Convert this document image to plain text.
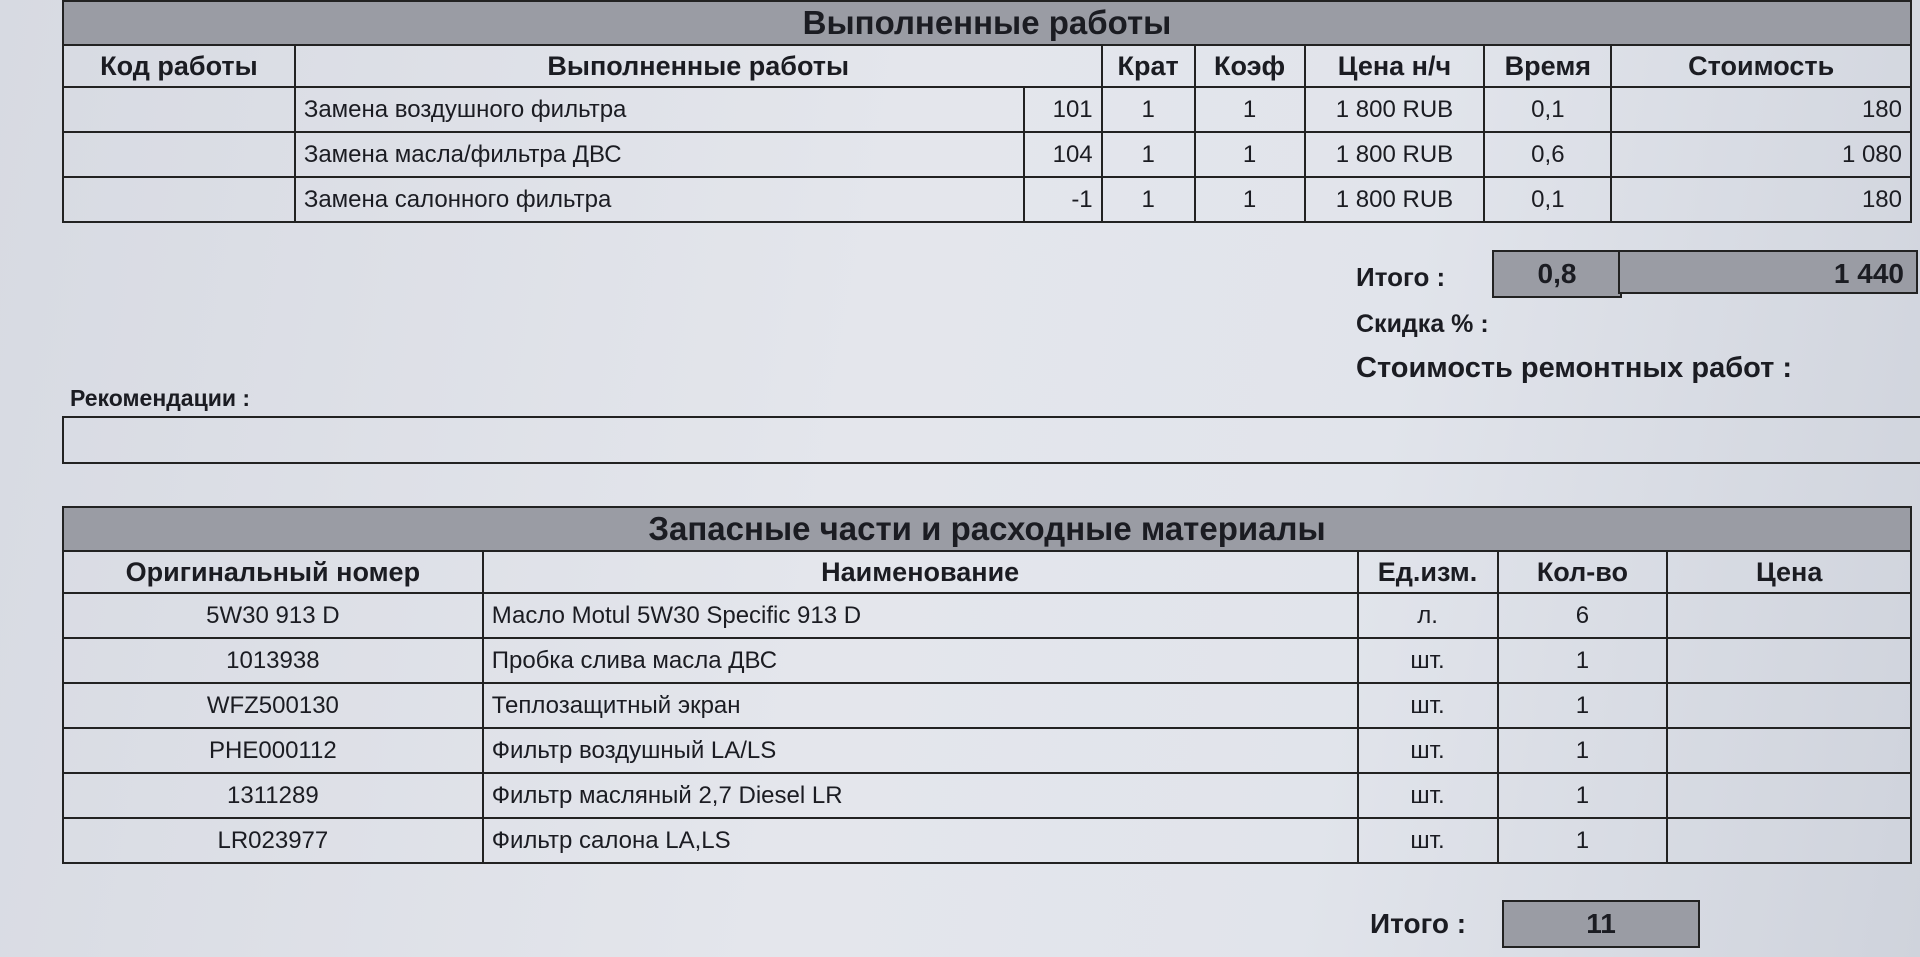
Выполненные работы							
Код работы	Выполненные работы		Крат	Коэф	Цена н/ч	Время	Стоимость
	Замена воздушного фильтра	101	1	1	1 800 RUB	0,1	180
	Замена масла/фильтра ДВС	104	1	1	1 800 RUB	0,6	1 080
	Замена салонного фильтра	-1	1	1	1 800 RUB	0,1	180
Итого :	0,8	1 440
Скидка % :
Стоимость ремонтных работ :
Рекомендации :
Запасные части и расходные материалы				
Оригинальный номер	Наименование	Ед.изм.	Кол-во	Цена
5W30 913 D	Масло Motul 5W30 Specific 913 D	л.	6	
1013938	Пробка слива масла ДВС	шт.	1	
WFZ500130	Теплозащитный экран	шт.	1	
PHE000112	Фильтр воздушный LA/LS	шт.	1	
1311289	Фильтр масляный 2,7 Diesel LR	шт.	1	
LR023977	Фильтр салона LA,LS	шт.	1	
Итого :	11
